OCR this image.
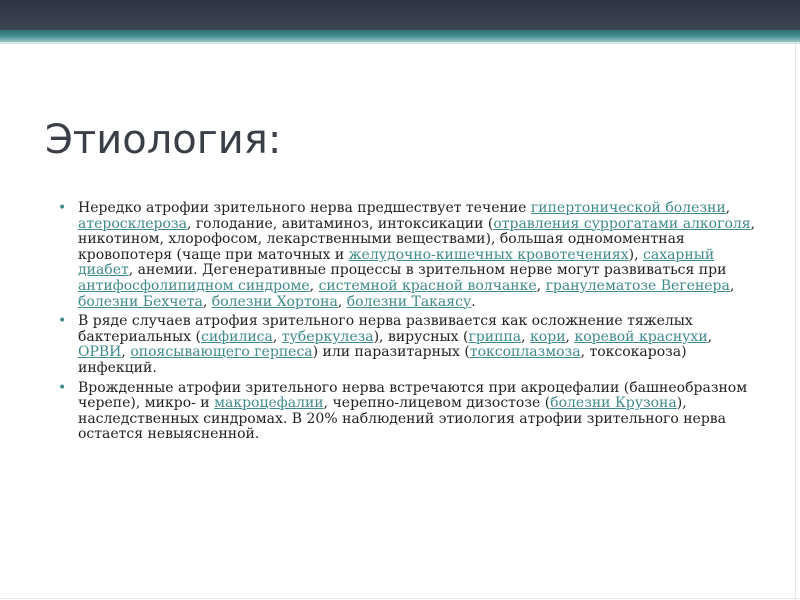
Этиология:
• Нередко атрофии зрительного нерва предшествует течение гипертонической болезни, атеросклероза, голодание, авитаминоз, интоксикации (отравления суррогатами алкоголя, никотином, хлорофосом, лекарственными веществами), большая одномоментная кровопотеря (чаще при маточных и желудочно-кишечных кровотечениях), сахарный диабет, анемии. Дегенеративные процессы в зрительном нерве могут развиваться при антифосфолипидном синдроме, системной красной волчанке, гранулематозе Вегенера, болезни Бехчета, болезни Хортона, болезни Такаясу.
• В ряде случаев атрофия зрительного нерва развивается как осложнение тяжелых бактериальных (сифилиса, туберкулеза), вирусных (гриппа, кори, коревой краснухи, ОРВИ, опоясывающего герпеса) или паразитарных (токсоплазмоза, токсокароза) инфекций.
• Врожденные атрофии зрительного нерва встречаются при акроцефалии (башнеобразном черепе), микро- и макроцефалии, черепно-лицевом дизостозе (болезни Крузона), наследственных синдромах. В 20% наблюдений этиология атрофии зрительного нерва остается невыясненной.
